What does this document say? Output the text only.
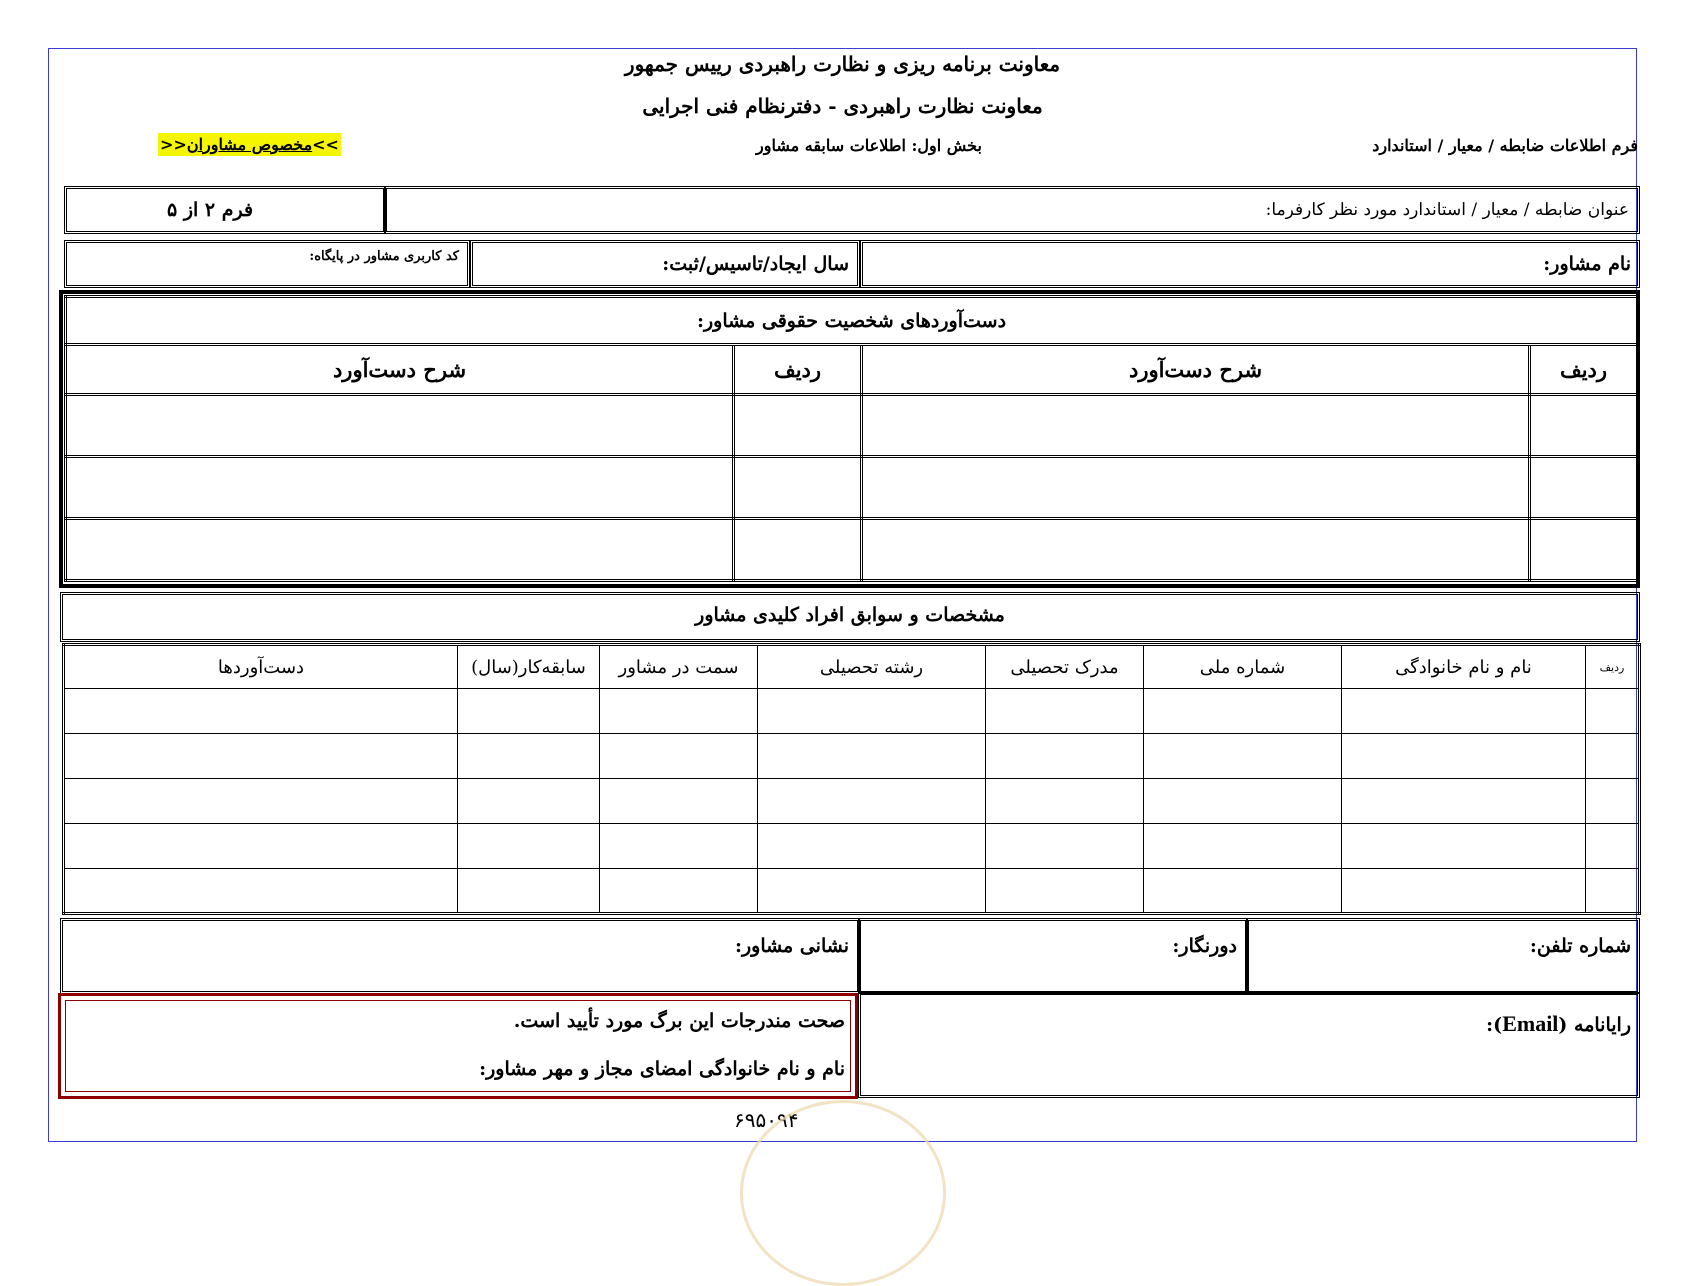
معاونت برنامه ریزی و نظارت راهبردی رییس جمهور
معاونت نظارت راهبردی - دفترنظام فنی اجرایی
فرم اطلاعات ضابطه / معیار / استاندارد
بخش اول: اطلاعات سابقه مشاور
>>مخصوص مشاوران<<
فرم ۲ از ۵	عنوان ضابطه / معیار / استاندارد مورد نظر کارفرما:
کد کاربری مشاور در پایگاه:	سال ایجاد/تاسیس/ثبت:	نام مشاور:
دست‌آوردهای شخصیت حقوقی مشاور:			
ردیف	شرح دست‌آورد	ردیف	شرح دست‌آورد

مشخصات و سوابق افراد کلیدی مشاور
ردیف	نام و نام خانوادگی	شماره ملی	مدرک تحصیلی	رشته تحصیلی	سمت در مشاور	سابقه‌کار(سال)	دست‌آوردها

نشانی مشاور:	دورنگار:	شماره تلفن:
رایانامه (Email):
صحت مندرجات این برگ مورد تأیید است.
نام و نام خانوادگی امضای مجاز و مهر مشاور:
۶۹۵۰۹۴
